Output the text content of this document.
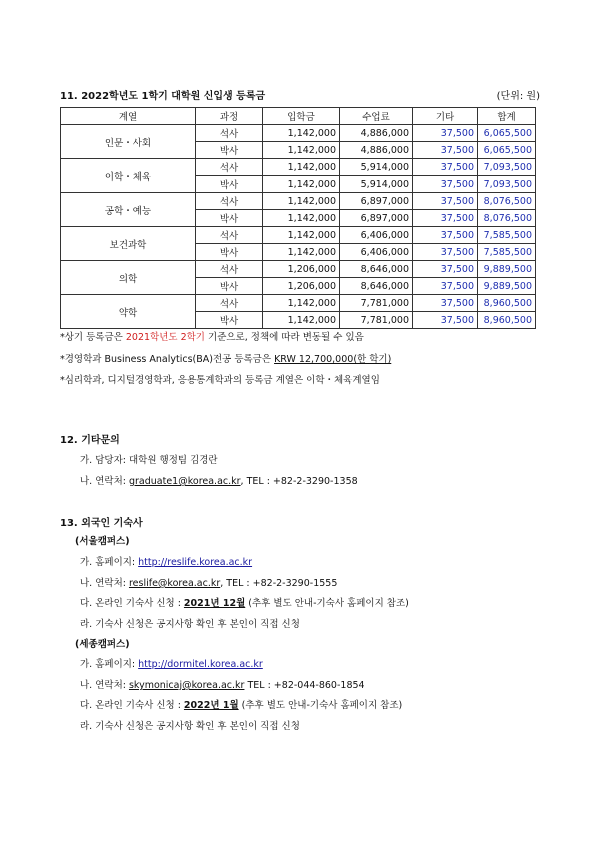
11. 2022학년도 1학기 대학원 신입생 등록금	(단위: 원)
계열	과정	입학금	수업료	기타	합계
인문・사회	석사	1,142,000	4,886,000	37,500	6,065,500
	박사	1,142,000	4,886,000	37,500	6,065,500
이학・체육	석사	1,142,000	5,914,000	37,500	7,093,500
	박사	1,142,000	5,914,000	37,500	7,093,500
공학・예능	석사	1,142,000	6,897,000	37,500	8,076,500
	박사	1,142,000	6,897,000	37,500	8,076,500
보건과학	석사	1,142,000	6,406,000	37,500	7,585,500
	박사	1,142,000	6,406,000	37,500	7,585,500
의학	석사	1,206,000	8,646,000	37,500	9,889,500
	박사	1,206,000	8,646,000	37,500	9,889,500
약학	석사	1,142,000	7,781,000	37,500	8,960,500
	박사	1,142,000	7,781,000	37,500	8,960,500
*상기 등록금은 2021학년도 2학기 기준으로, 정책에 따라 변동될 수 있음
*경영학과 Business Analytics(BA)전공 등록금은 KRW 12,700,000(한 학기)
*심리학과, 디지털경영학과, 응용통계학과의 등록금 계열은 이학・체육계열임
12. 기타문의
가. 담당자: 대학원 행정팀 김경란
나. 연락처: graduate1@korea.ac.kr, TEL : +82-2-3290-1358
13. 외국인 기숙사
(서울캠퍼스)
가. 홈페이지: http://reslife.korea.ac.kr
나. 연락처: reslife@korea.ac.kr, TEL : +82-2-3290-1555
다. 온라인 기숙사 신청 : 2021년 12월 (추후 별도 안내-기숙사 홈페이지 참조)
라. 기숙사 신청은 공지사항 확인 후 본인이 직접 신청
(세종캠퍼스)
가. 홈페이지: http://dormitel.korea.ac.kr
나. 연락처: skymonicaj@korea.ac.kr TEL : +82-044-860-1854
다. 온라인 기숙사 신청 : 2022년 1월 (추후 별도 안내-기숙사 홈페이지 참조)
라. 기숙사 신청은 공지사항 확인 후 본인이 직접 신청
